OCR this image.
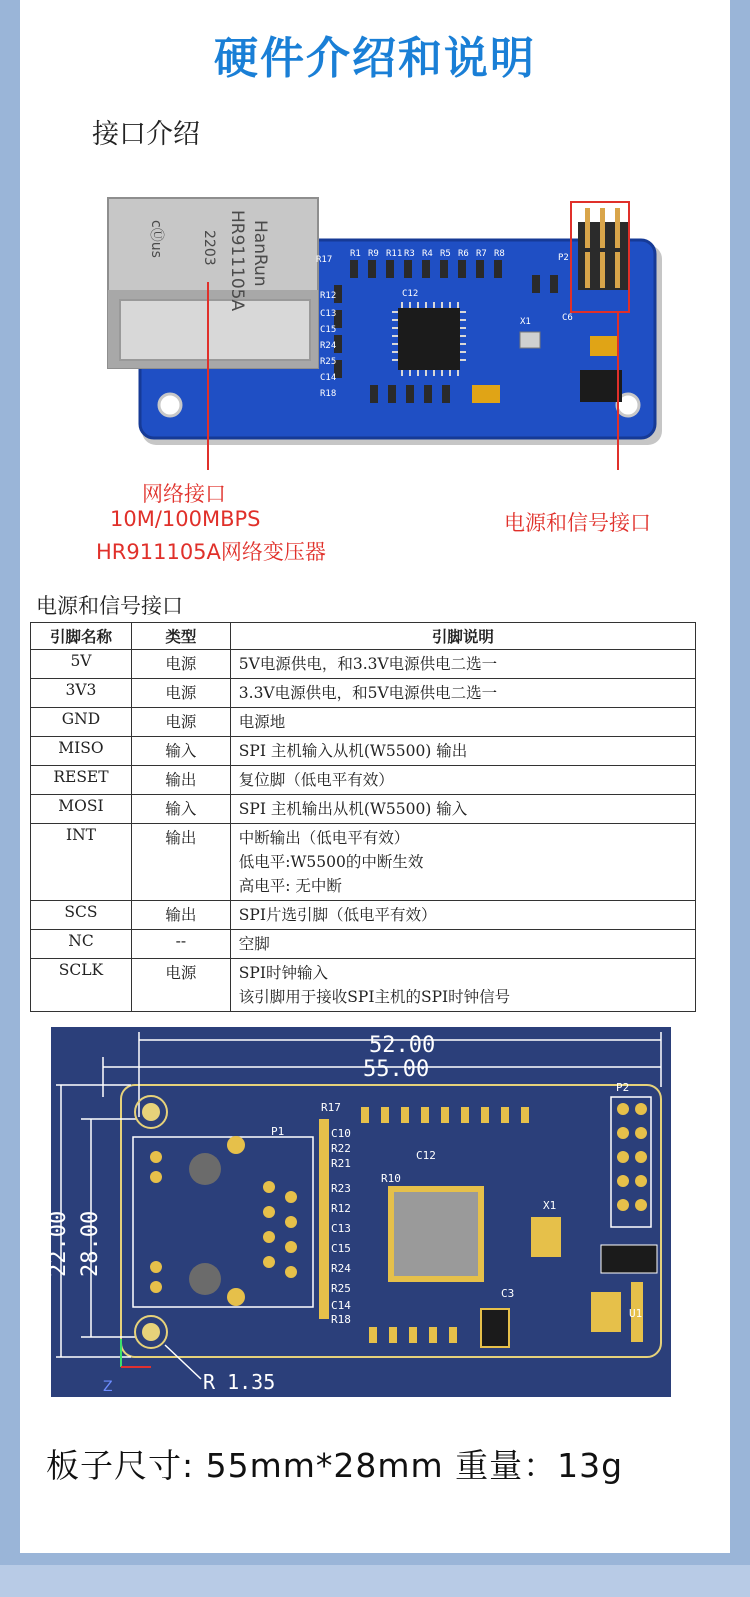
硬件介绍和说明
接口介绍
HanRun
HR911105A
2203
cⓊus
R17
R1 R9 R11 R3 R4 R5 R6 R7 R8	P2
R12
C13
C15
R24
R25
C14
R18
C12
X1	C6
网络接口
10M/100MBPS
HR911105A网络变压器
电源和信号接口
电源和信号接口
引脚名称	类型	引脚说明
5V	电源	5V电源供电，和3.3V电源供电二选一

3V3	电源	3.3V电源供电，和5V电源供电二选一

GND	电源	电源地

MISO	输入	SPI 主机输入从机(W5500) 输出

RESET	输出	复位脚（低电平有效）

MOSI	输入	SPI 主机输出从机(W5500) 输入

INT	输出	中断输出（低电平有效）
低电平:W5500的中断生效
高电平: 无中断

SCS	输出	SPI片选引脚（低电平有效）

NC	--	空脚

SCLK	电源	SPI时钟输入
该引脚用于接收SPI主机的SPI时钟信号
52.00
55.00
22.00 28.00
R 1.35
P1
P2
R17
C10
R22
R21
R23
R12
C13
C15
R24
R25
C14
R18
C12
R10
X1
C3
U1
Z
板子尺寸: 55mm*28mm 重量：13g
